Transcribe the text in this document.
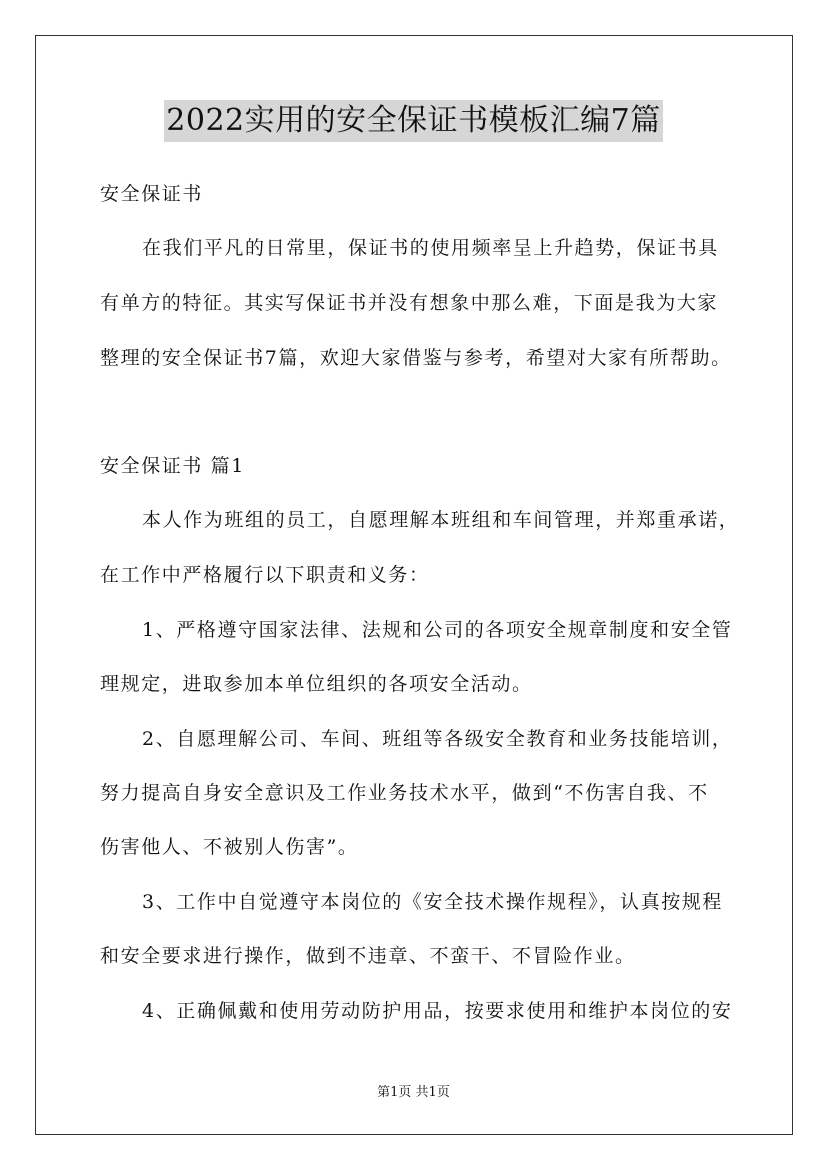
2022实用的安全保证书模板汇编7篇
安全保证书
在我们平凡的日常里，保证书的使用频率呈上升趋势，保证书具
有单方的特征。其实写保证书并没有想象中那么难，下面是我为大家
整理的安全保证书7篇，欢迎大家借鉴与参考，希望对大家有所帮助。
安全保证书 篇1
本人作为班组的员工，自愿理解本班组和车间管理，并郑重承诺，
在工作中严格履行以下职责和义务：
1、严格遵守国家法律、法规和公司的各项安全规章制度和安全管
理规定，进取参加本单位组织的各项安全活动。
2、自愿理解公司、车间、班组等各级安全教育和业务技能培训，
努力提高自身安全意识及工作业务技术水平，做到“不伤害自我、不
伤害他人、不被别人伤害”。
3、工作中自觉遵守本岗位的《安全技术操作规程》，认真按规程
和安全要求进行操作，做到不违章、不蛮干、不冒险作业。
4、正确佩戴和使用劳动防护用品，按要求使用和维护本岗位的安
第1页 共1页
